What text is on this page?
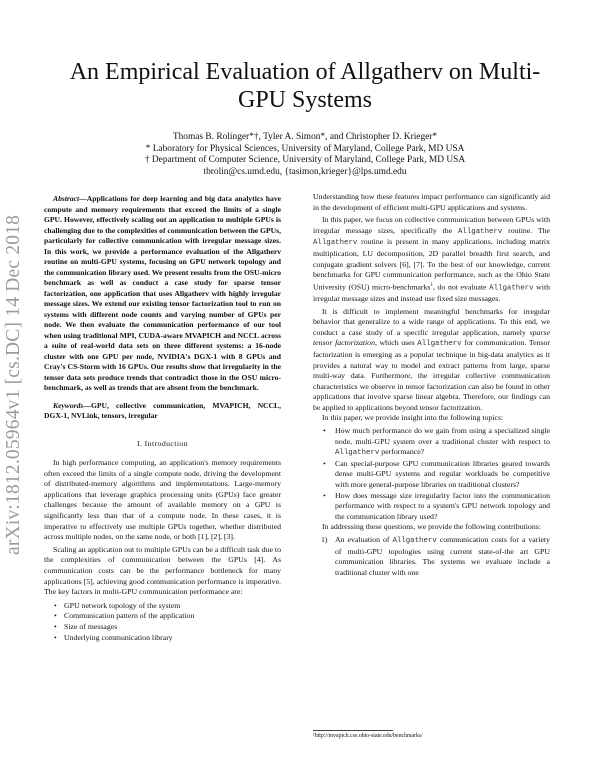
arXiv:1812.05964v1 [cs.DC] 14 Dec 2018
An Empirical Evaluation of Allgatherv on Multi-GPU Systems
Thomas B. Rolinger*†, Tyler A. Simon*, and Christopher D. Krieger*
* Laboratory for Physical Sciences, University of Maryland, College Park, MD USA
† Department of Computer Science, University of Maryland, College Park, MD USA
tbrolin@cs.umd.edu, {tasimon,krieger}@lps.umd.edu

Abstract—Applications for deep learning and big data analytics have compute and memory requirements that exceed the limits of a single GPU. However, effectively scaling out an application to multiple GPUs is challenging due to the complexities of communication between the GPUs, particularly for collective communication with irregular message sizes. In this work, we provide a performance evaluation of the Allgatherv routine on multi-GPU systems, focusing on GPU network topology and the communication library used. We present results from the OSU-micro benchmark as well as conduct a case study for sparse tensor factorization, one application that uses Allgatherv with highly irregular message sizes. We extend our existing tensor factorization tool to run on systems with different node counts and varying number of GPUs per node. We then evaluate the communication performance of our tool when using traditional MPI, CUDA-aware MVAPICH and NCCL across a suite of real-world data sets on three different systems: a 16-node cluster with one GPU per node, NVIDIA's DGX-1 with 8 GPUs and Cray's CS-Storm with 16 GPUs. Our results show that irregularity in the tensor data sets produce trends that contradict those in the OSU micro-benchmark, as well as trends that are absent from the benchmark.

Keywords—GPU, collective communication, MVAPICH, NCCL, DGX-1, NVLink, tensors, irregular

I. Introduction

In high performance computing, an application's memory requirements often exceed the limits of a single compute node, driving the development of distributed-memory algorithms and implementations. Large-memory applications that leverage graphics processing units (GPUs) face greater challenges because the amount of available memory on a GPU is significantly less than that of a compute node. In these cases, it is imperative to effectively use multiple GPUs together, whether distributed across multiple nodes, on the same node, or both [1], [2], [3].

Scaling an application out to multiple GPUs can be a difficult task due to the complexities of communication between the GPUs [4]. As communication costs can be the performance bottleneck for many applications [5], achieving good communication performance is imperative. The key factors in multi-GPU communication performance are:

• GPU network topology of the system
• Communication pattern of the application
• Size of messages
• Underlying communication library

Understanding how these features impact performance can significantly aid in the development of efficient multi-GPU applications and systems.

In this paper, we focus on collective communication between GPUs with irregular message sizes, specifically the Allgatherv routine. The Allgatherv routine is present in many applications, including matrix multiplication, LU decomposition, 2D parallel breadth first search, and conjugate gradient solvers [6], [7]. To the best of our knowledge, current benchmarks for GPU communication performance, such as the Ohio State University (OSU) micro-benchmarks$^1$, do not evaluate Allgatherv with irregular message sizes and instead use fixed size messages.

It is difficult to implement meaningful benchmarks for irregular behavior that generalize to a wide range of applications. To this end, we conduct a case study of a specific irregular application, namely sparse tensor factorization, which uses Allgatherv for communication. Tensor factorization is emerging as a popular technique in big-data analytics as it provides a natural way to model and extract patterns from large, sparse multi-way data. Furthermore, the irregular collective communication characteristics we observe in tensor factorization can also be found in other applications that involve sparse linear algebra. Therefore, our findings can be applied to applications beyond tensor factorization.

In this paper, we provide insight into the following topics:

• How much performance do we gain from using a specialized single node, multi-GPU system over a traditional cluster with respect to Allgatherv performance?
• Can special-purpose GPU communication libraries geared towards dense multi-GPU systems and regular workloads be competitive with more general-purpose libraries on traditional clusters?
• How does message size irregularity factor into the communication performance with respect to a system's GPU network topology and the communication library used?

In addressing these questions, we provide the following contributions:

1) An evaluation of Allgatherv communication costs for a variety of multi-GPU topologies using current state-of-the art GPU communication libraries. The systems we evaluate include a traditional cluster with one
¹http://mvapich.cse.ohio-state.edu/benchmarks/
